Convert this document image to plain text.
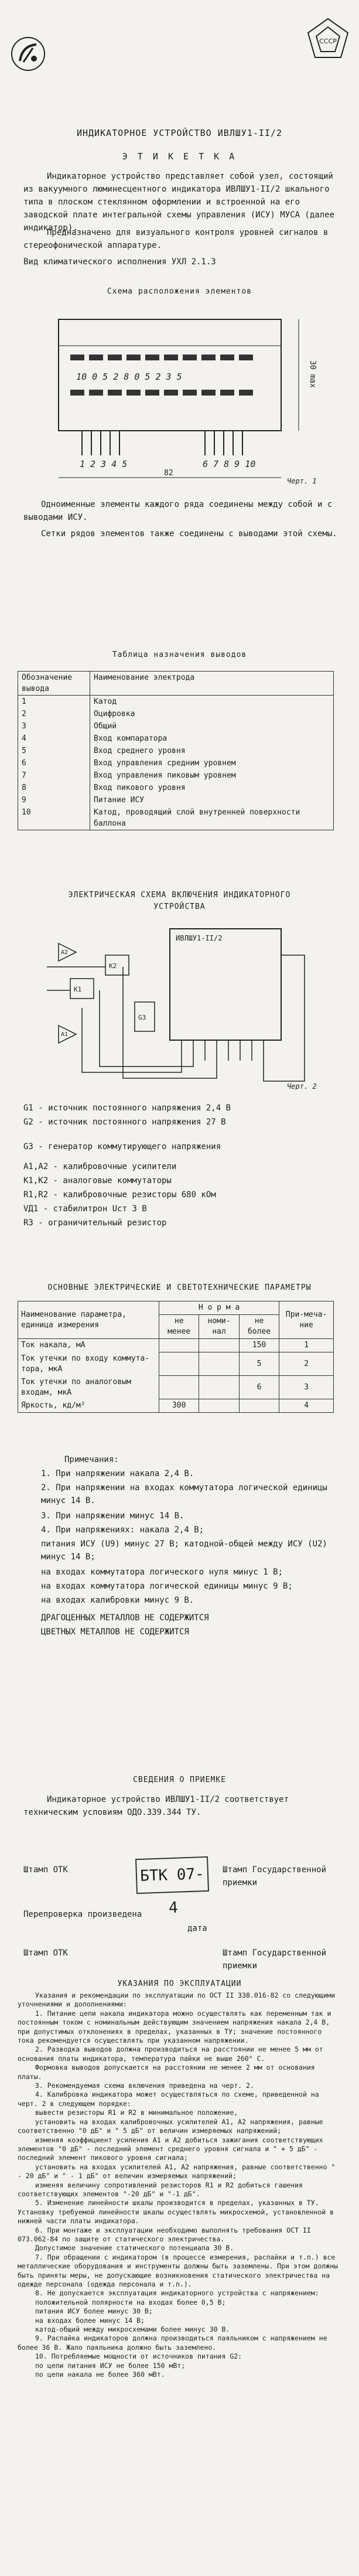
СССР
ИНДИКАТОРНОЕ УСТРОЙСТВО ИВЛШУ1-II/2
Э Т И К Е Т К А

Индикаторное устройство представляет собой узел, состоящий из вакуумного люминесцентного индикатора ИВЛШУ1-II/2 шкального типа в плоском стеклянном оформлении и встроенной на его заводской плате интегральной схемы управления (ИСУ) МУСА (далее индикатор).

Предназначено для визуального контроля уровней сигналов в стереофонической аппаратуре.

Вид климатического исполнения УХЛ 2.1.3

Схема расположения элементов
10 0 5 2 8 0 5 2 3 5
1 2 3 4 5	6 7 8 9 10
82
30 max
Черт. 1

Одноименные элементы каждого ряда соединены между собой и с выводами ИСУ.

Сетки рядов элементов также соединены с выводами этой схемы.

Таблица назначения выводов
Обозначение вывода	Наименование электрода
1	Катод
2	Оцифровка
3	Общий
4	Вход компаратора
5	Вход среднего уровня
6	Вход управления средним уровнем
7	Вход управления пиковым уровнем
8	Вход пикового уровня
9	Питание ИСУ
10	Катод, проводящий слой внутренней поверхности баллона
ЭЛЕКТРИЧЕСКАЯ СХЕМА ВКЛЮЧЕНИЯ ИНДИКАТОРНОГО
УСТРОЙСТВА
ИВЛШУ1-II/2
K1
K2
G3
A1
A2
Черт. 2

G1 - источник постоянного напряжения 2,4 В

G2 - источник постоянного напряжения 27 В

G3 - генератор коммутирующего напряжения

A1,A2 - калибровочные усилители

K1,K2 - аналоговые коммутаторы

R1,R2 - калибровочные резисторы 680 кОм

VД1 - стабилитрон Uст 3 В

R3 - ограничительный резистор

ОСНОВНЫЕ ЭЛЕКТРИЧЕСКИЕ И СВЕТОТЕХНИЧЕСКИЕ ПАРАМЕТРЫ
Наименование параметра, единица измерения	Н о р м а			При-меча-ние
	не менее	номи-нал	не более	
Ток накала, мА			150	1
Ток утечки по входу коммута-тора, мкА			5	2
Ток утечки по аналоговым входам, мкА			6	3
Яркость, кд/м²	300			4

Примечания:

1. При напряжении накала 2,4 В.

2. При напряжении на входах коммутатора логической единицы минус 14 В.

3. При напряжении минус 14 В.

4. При напряжениях: накала 2,4 В;

питания ИСУ (U9) минус 27 В; катодной-общей между ИСУ (U2) минус 14 В;

на входах коммутатора логического нуля минус 1 В;

на входах коммутатора логической единицы минус 9 В;

на входах калибровки минус 9 В.

ДРАГОЦЕННЫХ МЕТАЛЛОВ НЕ СОДЕРЖИТСЯ

ЦВЕТНЫХ МЕТАЛЛОВ НЕ СОДЕРЖИТСЯ

СВЕДЕНИЯ О ПРИЕМКЕ

Индикаторное устройство ИВЛШУ1-II/2 соответствует техническим условиям ОДО.339.344 ТУ.

Штамп ОТК	БТК 07-4

Штамп Государственной приемки

Перепроверка произведена

дата

Штамп ОТК	Штамп Государственной приемки

УКАЗАНИЯ ПО ЭКСПЛУАТАЦИИ
Указания и рекомендации по эксплуатации по ОСТ II 338.016-82 со следующими уточнениями и дополнениями:
1. Питание цепи накала индикатора можно осуществлять как переменным так и постоянным током с номинальным действующим значением напряжения накала 2,4 В, при допустимых отклонениях в пределах, указанных в ТУ; значение постоянного тока рекомендуется осуществлять при указанном напряжении.
2. Разводка выводов должна производиться на расстоянии не менее 5 мм от основания платы индикатора, температура пайки не выше 260° С.
Формовка выводов допускается на расстоянии не менее 2 мм от основания платы.
3. Рекомендуемая схема включения приведена на черт. 2.
4. Калибровка индикатора может осуществляться по схеме, приведенной на черт. 2 в следующем порядке:
вывести резисторы R1 и R2 в минимальное положение,
установить на входах калибровочных усилителей А1, А2 напряжения, равные соответственно "0 дБ" и " 5 дБ" от величин измеряемых напряжений;
изменяя коэффициент усиления А1 и А2 добиться зажигания соответствующих элементов "0 дБ" - последний элемент среднего уровня сигнала и " + 5 дБ" - последний элемент пикового уровня сигнала;
установить на входах усилителей А1, А2 напряжения, равные соответственно " - 20 дБ" и " - 1 дБ" от величин измеряемых напряжений;
изменяя величину сопротивлений резисторов R1 и R2 добиться гашения соответствующих элементов "-20 дБ" и "-1 дБ".
5. Изменение линейности шкалы производится в пределах, указанных в ТУ. Установку требуемой линейности шкалы осуществлять микросхемой, установленной в нижней части платы индикатора.
6. При монтаже и эксплуатации необходимо выполнять требования ОСТ II 073.062-84 по защите от статического электричества.
Допустимое значение статического потенциала 30 В.
7. При обращении с индикатором (в процессе измерения, распайки и т.п.) все металлические оборудования и инструменты должны быть заземлены. При этом должны быть приняты меры, не допускающие возникновения статического электричества на одежде персонала (одежда персонала и т.п.).
8. Не допускается эксплуатация индикаторного устройства с напряжением:
положительной полярности на входах более 0,5 В;
питания ИСУ более минус 30 В;
на входах более минус 14 В;
катод-общий между микросхемами более минус 30 В.
9. Распайка индикаторов должна производиться паяльником с напряжением не более 36 В. Жало паяльника должно быть заземлено.
10. Потребляемые мощности от источников питания G2:
по цепи питания ИСУ не более 150 мВт;
по цепи накала не более 360 мВт.
